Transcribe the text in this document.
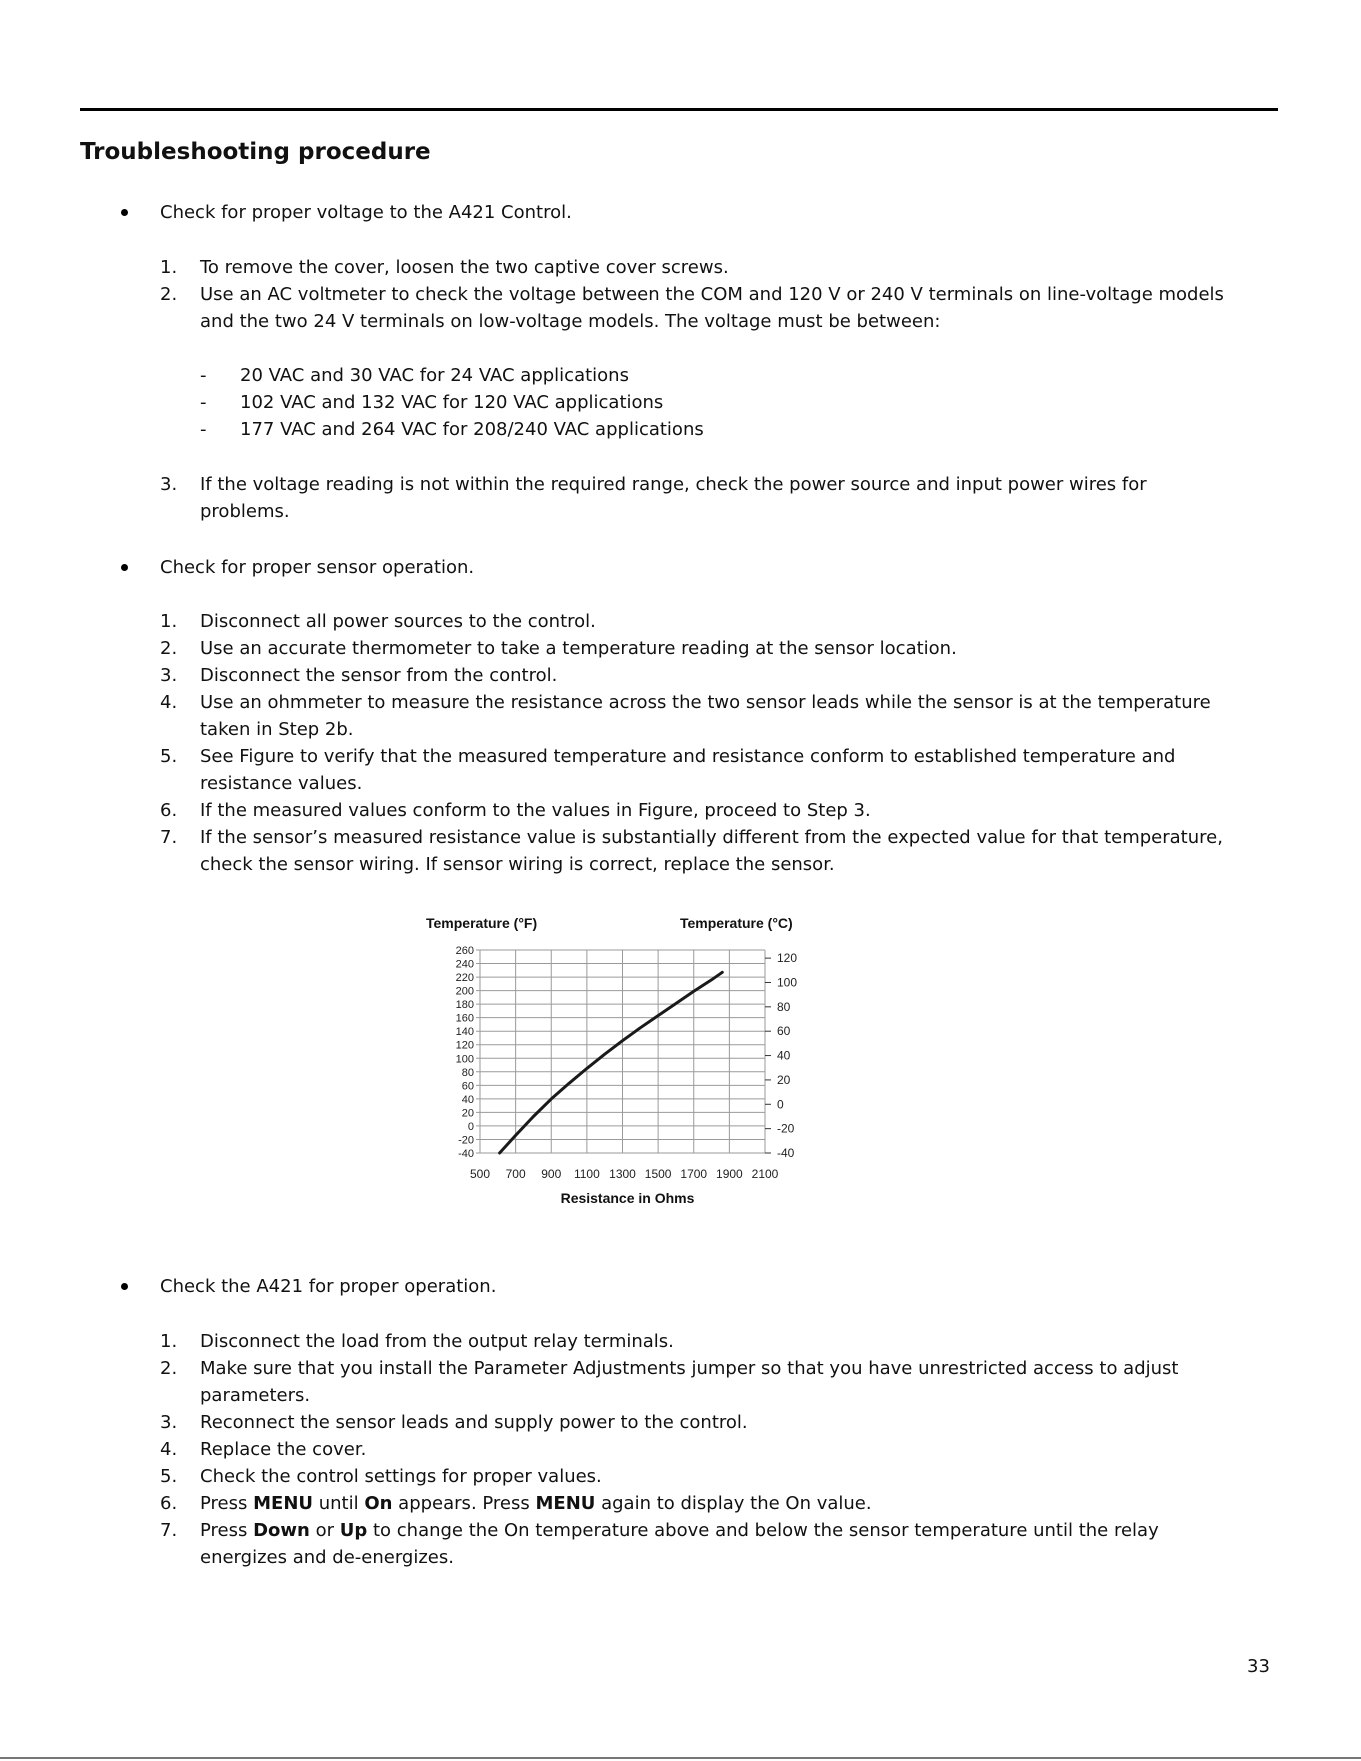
Troubleshooting procedure
Check for proper voltage to the A421 Control.
1.	To remove the cover, loosen the two captive cover screws.
2.	Use an AC voltmeter to check the voltage between the COM and 120 V or 240 V terminals on line-voltage models
and the two 24 V terminals on low-voltage models. The voltage must be between:
- 20 VAC and 30 VAC for 24 VAC applications
- 102 VAC and 132 VAC for 120 VAC applications
- 177 VAC and 264 VAC for 208/240 VAC applications
3.	If the voltage reading is not within the required range, check the power source and input power wires for
problems.
Check for proper sensor operation.
1.	Disconnect all power sources to the control.
2.	Use an accurate thermometer to take a temperature reading at the sensor location.
3.	Disconnect the sensor from the control.
4.	Use an ohmmeter to measure the resistance across the two sensor leads while the sensor is at the temperature
taken in Step 2b.
5.	See Figure to verify that the measured temperature and resistance conform to established temperature and
resistance values.
6.	If the measured values conform to the values in Figure, proceed to Step 3.
7.	If the sensor’s measured resistance value is substantially different from the expected value for that temperature,
check the sensor wiring. If sensor wiring is correct, replace the sensor.
Temperature (°F)	Temperature (°C)
500 700 900 1100 1300 1500 1700 1900 2100
260
240
220
200
180
160
140
120
100
80
60
40
20
0
-20
-40
120
100
80
60
40
20
0
-20
-40
Resistance in Ohms
Check the A421 for proper operation.
1.	Disconnect the load from the output relay terminals.
2.	Make sure that you install the Parameter Adjustments jumper so that you have unrestricted access to adjust
parameters.
3.	Reconnect the sensor leads and supply power to the control.
4.	Replace the cover.
5.	Check the control settings for proper values.
6.	Press MENU until On appears. Press MENU again to display the On value.
7.	Press Down or Up to change the On temperature above and below the sensor temperature until the relay
energizes and de-energizes.
33
